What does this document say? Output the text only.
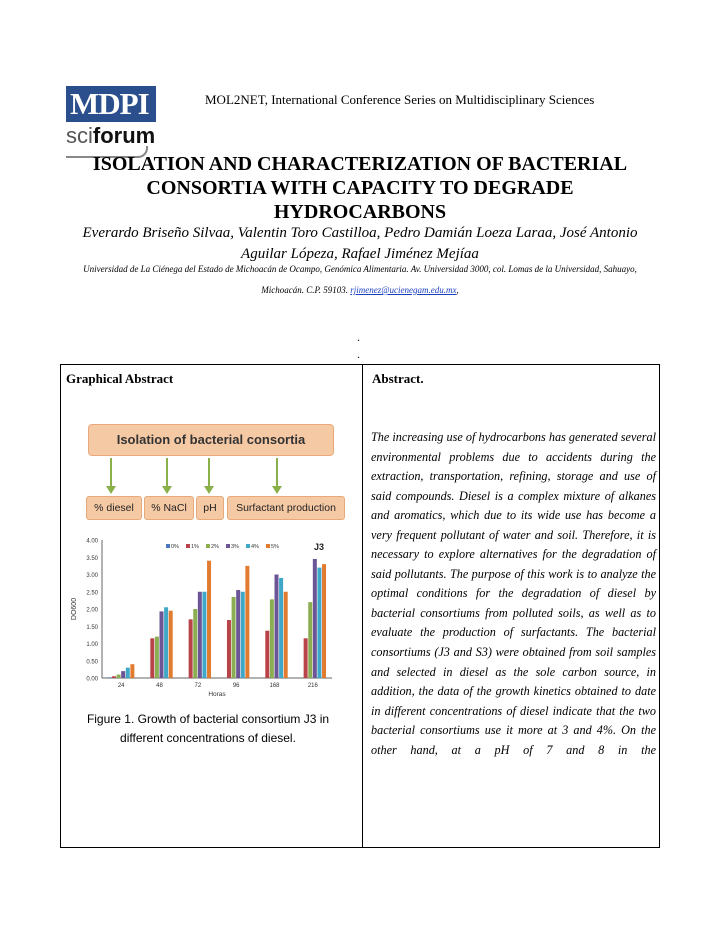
MDPI
sciforum
MOL2NET, International Conference Series on Multidisciplinary Sciences
ISOLATION AND CHARACTERIZATION OF BACTERIAL CONSORTIA WITH CAPACITY TO DEGRADE HYDROCARBONS
Everardo Briseño Silvaa, Valentin Toro Castilloa, Pedro Damián Loeza Laraa, José Antonio Aguilar Lópeza, Rafael Jiménez Mejíaa
Universidad de La Ciénega del Estado de Michoacán de Ocampo, Genómica Alimentaria. Av. Universidad 3000, col. Lomas de la Universidad, Sahuayo,
Michoacán. C.P. 59103. rjimenez@ucienegam.edu.mx,
.
.
Graphical Abstract	Abstract.
The increasing use of hydrocarbons has generated several environmental problems due to accidents during the extraction, transportation, refining, storage and use of said compounds. Diesel is a complex mixture of alkanes and aromatics, which due to its wide use has become a very frequent pollutant of water and soil. Therefore, it is necessary to explore alternatives for the degradation of said pollutants. The purpose of this work is to analyze the optimal conditions for the degradation of diesel by bacterial consortiums from polluted soils, as well as to evaluate the production of surfactants. The bacterial consortiums (J3 and S3) were obtained from soil samples and selected in diesel as the sole carbon source, in addition, the data of the growth kinetics obtained to date in different concentrations of diesel indicate that the two bacterial consortiums use it more at 3 and 4%. On the other hand, at a pH of 7 and 8 in the
Isolation of bacterial consortia
% diesel	% NaCl	pH	Surfactant production
0.00
0.50
1.00
1.50
2.00
2.50
3.00
3.50
4.00
DO600
J3
0% 1% 2% 3% 4% 5%
24	48	72	96	168	216
Horas
Figure 1. Growth of bacterial consortium J3 in different concentrations of diesel.
